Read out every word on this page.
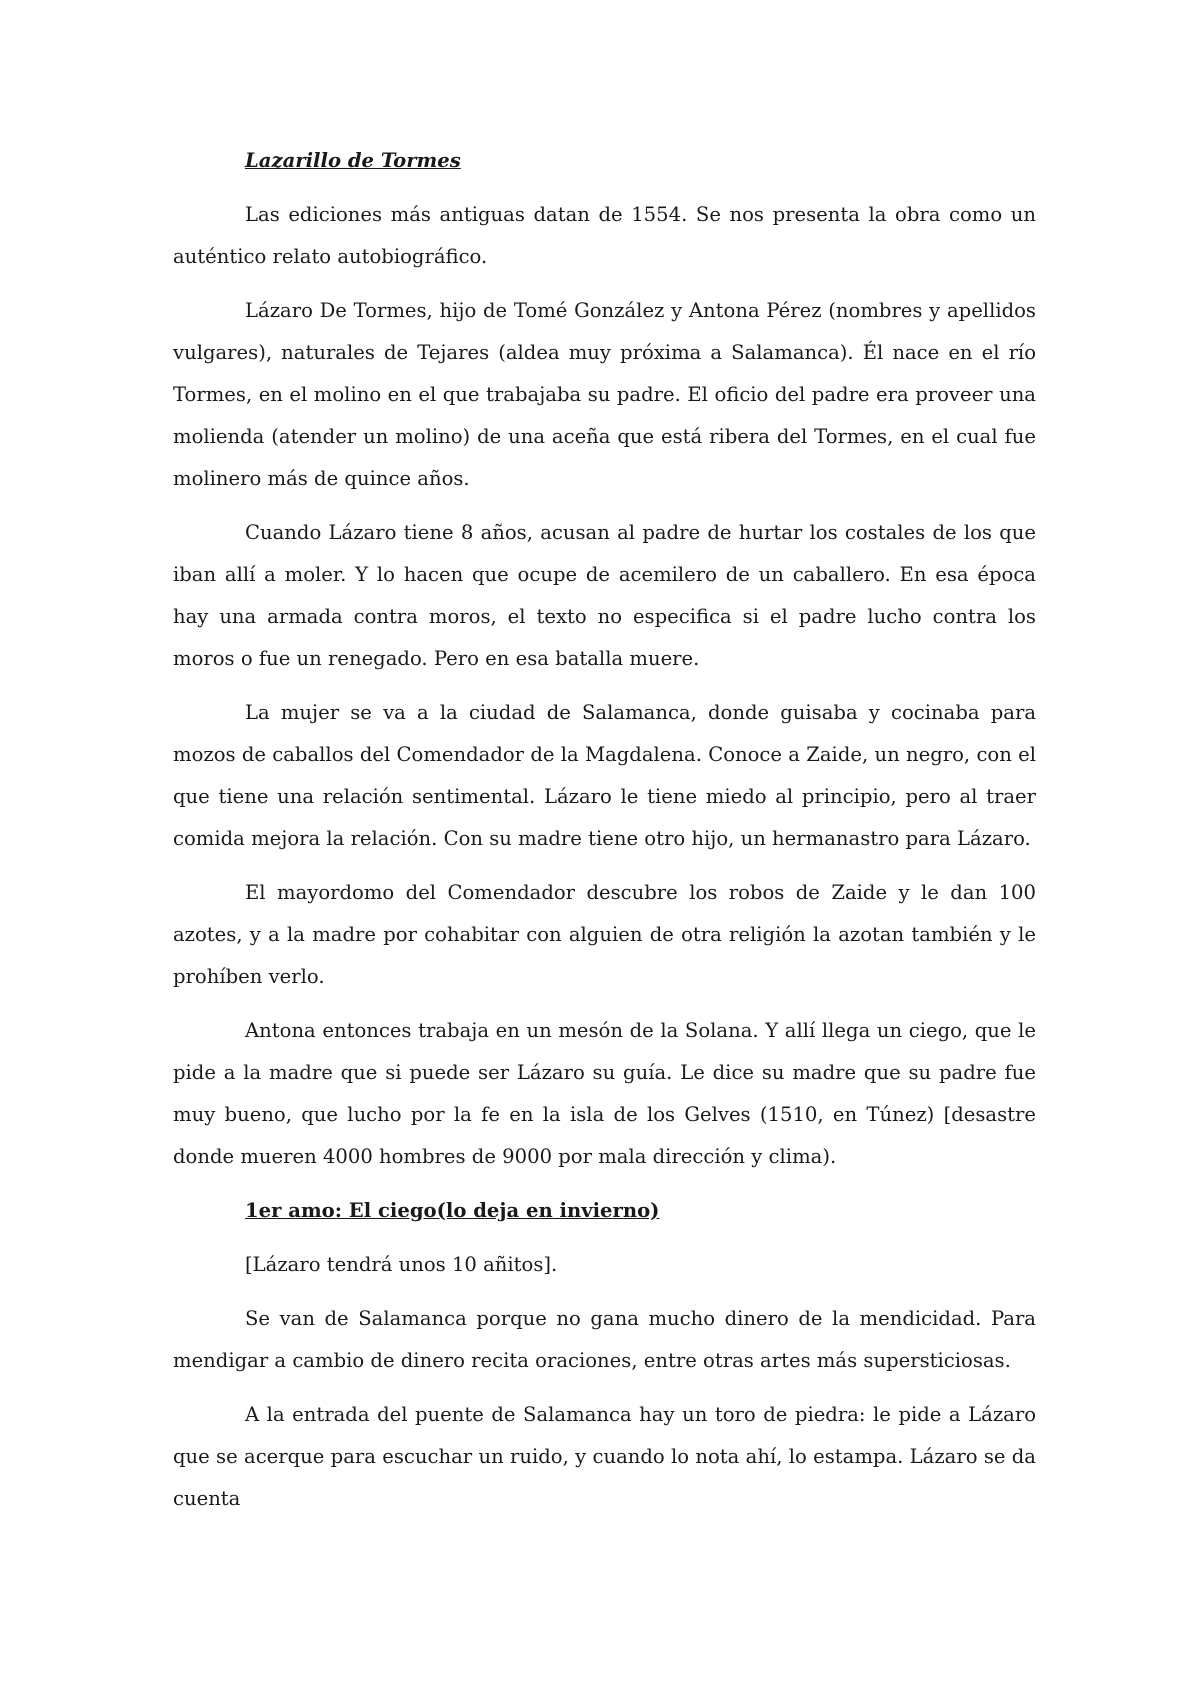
Lazarillo de Tormes

Las ediciones más antiguas datan de 1554. Se nos presenta la obra como un auténtico relato autobiográfico.

Lázaro De Tormes, hijo de Tomé González y Antona Pérez (nombres y apellidos vulgares), naturales de Tejares (aldea muy próxima a Salamanca). Él nace en el río Tormes, en el molino en el que trabajaba su padre. El oficio del padre era proveer una molienda (atender un molino) de una aceña que está ribera del Tormes, en el cual fue molinero más de quince años.

Cuando Lázaro tiene 8 años, acusan al padre de hurtar los costales de los que iban allí a moler. Y lo hacen que ocupe de acemilero de un caballero. En esa época hay una armada contra moros, el texto no especifica si el padre lucho contra los moros o fue un renegado. Pero en esa batalla muere.

La mujer se va a la ciudad de Salamanca, donde guisaba y cocinaba para mozos de caballos del Comendador de la Magdalena. Conoce a Zaide, un negro, con el que tiene una relación sentimental. Lázaro le tiene miedo al principio, pero al traer comida mejora la relación. Con su madre tiene otro hijo, un hermanastro para Lázaro.

El mayordomo del Comendador descubre los robos de Zaide y le dan 100 azotes, y a la madre por cohabitar con alguien de otra religión la azotan también y le prohíben verlo.

Antona entonces trabaja en un mesón de la Solana. Y allí llega un ciego, que le pide a la madre que si puede ser Lázaro su guía. Le dice su madre que su padre fue muy bueno, que lucho por la fe en la isla de los Gelves (1510, en Túnez) [desastre donde mueren 4000 hombres de 9000 por mala dirección y clima).

1er amo: El ciego(lo deja en invierno)

[Lázaro tendrá unos 10 añitos].

Se van de Salamanca porque no gana mucho dinero de la mendicidad. Para mendigar a cambio de dinero recita oraciones, entre otras artes más supersticiosas.

A la entrada del puente de Salamanca hay un toro de piedra: le pide a Lázaro que se acerque para escuchar un ruido, y cuando lo nota ahí, lo estampa. Lázaro se da cuenta
